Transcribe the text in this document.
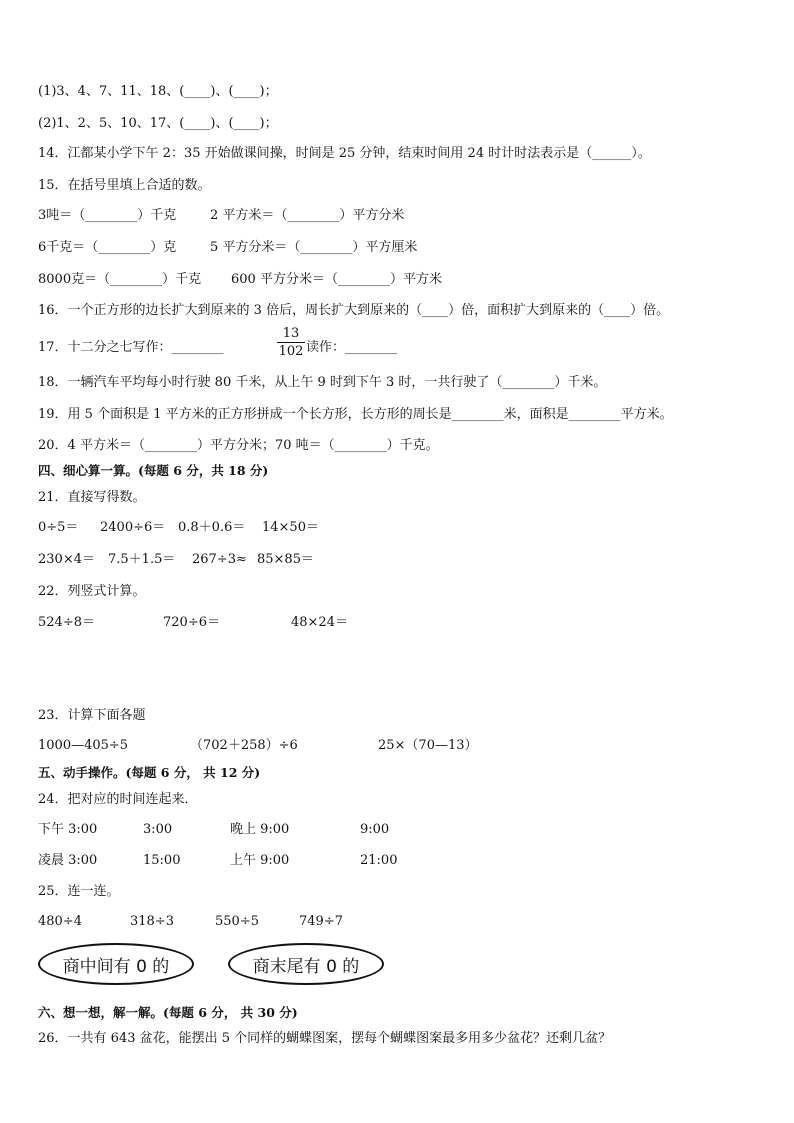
(1)3、4、7、11、18、(____)、(____)；
(2)1、2、5、10、17、(____)、(____)；
14．江都某小学下午 2：35 开始做课间操，时间是 25 分钟，结束时间用 24 时计时法表示是（______）。
15．在括号里填上合适的数。
3吨＝（________）千克	2 平方米＝（________）平方分米
6千克＝（________）克	5 平方分米＝（________）平方厘米
8000克＝（________）千克 600 平方分米＝（________）平方米
16．一个正方形的边长扩大到原来的 3 倍后，周长扩大到原来的（____）倍，面积扩大到原来的（____）倍。
17．十二分之七写作：________
13
102 读作：________
18．一辆汽车平均每小时行驶 80 千米，从上午 9 时到下午 3 时，一共行驶了（________）千米。
19．用 5 个面积是 1 平方米的正方形拼成一个长方形，长方形的周长是________米，面积是________平方米。
20．4 平方米＝（________）平方分米；70 吨＝（________）千克。
四、细心算一算。(每题 6 分，共 18 分)
21．直接写得数。
0÷5＝ 2400÷6＝ 0.8＋0.6＝ 14×50＝
230×4＝ 7.5＋1.5＝ 267÷3≈ 85×85＝
22．列竖式计算。
524÷8＝	720÷6＝	48×24＝
23．计算下面各题
1000—405÷5	（702＋258）÷6	25×（70—13）
五、动手操作。(每题 6 分， 共 12 分)
24．把对应的时间连起来．
下午 3:00	3:00	晚上 9:00	9:00
凌晨 3:00	15:00	上午 9:00	21:00
25．连一连。
480÷4	318÷3	550÷5	749÷7
商中间有 0 的	商末尾有 0 的
六、想一想，解一解。(每题 6 分， 共 30 分)
26．一共有 643 盆花，能摆出 5 个同样的蝴蝶图案，摆每个蝴蝶图案最多用多少盆花？还剩几盆？
